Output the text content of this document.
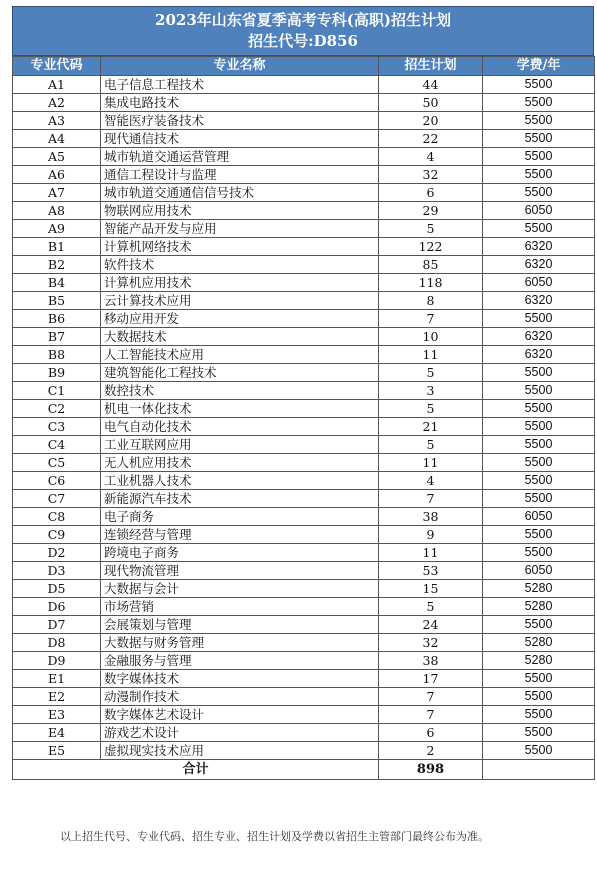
2023年山东省夏季高考专科(高职)招生计划
招生代号:D856
专业代码	专业名称	招生计划	学费/年
A1	电子信息工程技术	44	5500
A2	集成电路技术	50	5500
A3	智能医疗装备技术	20	5500
A4	现代通信技术	22	5500
A5	城市轨道交通运营管理	4	5500
A6	通信工程设计与监理	32	5500
A7	城市轨道交通通信信号技术	6	5500
A8	物联网应用技术	29	6050
A9	智能产品开发与应用	5	5500
B1	计算机网络技术	122	6320
B2	软件技术	85	6320
B4	计算机应用技术	118	6050
B5	云计算技术应用	8	6320
B6	移动应用开发	7	5500
B7	大数据技术	10	6320
B8	人工智能技术应用	11	6320
B9	建筑智能化工程技术	5	5500
C1	数控技术	3	5500
C2	机电一体化技术	5	5500
C3	电气自动化技术	21	5500
C4	工业互联网应用	5	5500
C5	无人机应用技术	11	5500
C6	工业机器人技术	4	5500
C7	新能源汽车技术	7	5500
C8	电子商务	38	6050
C9	连锁经营与管理	9	5500
D2	跨境电子商务	11	5500
D3	现代物流管理	53	6050
D5	大数据与会计	15	5280
D6	市场营销	5	5280
D7	会展策划与管理	24	5500
D8	大数据与财务管理	32	5280
D9	金融服务与管理	38	5280
E1	数字媒体技术	17	5500
E2	动漫制作技术	7	5500
E3	数字媒体艺术设计	7	5500
E4	游戏艺术设计	6	5500
E5	虚拟现实技术应用	2	5500
合计		898	
以上招生代号、专业代码、招生专业、招生计划及学费以省招生主管部门最终公布为准。
